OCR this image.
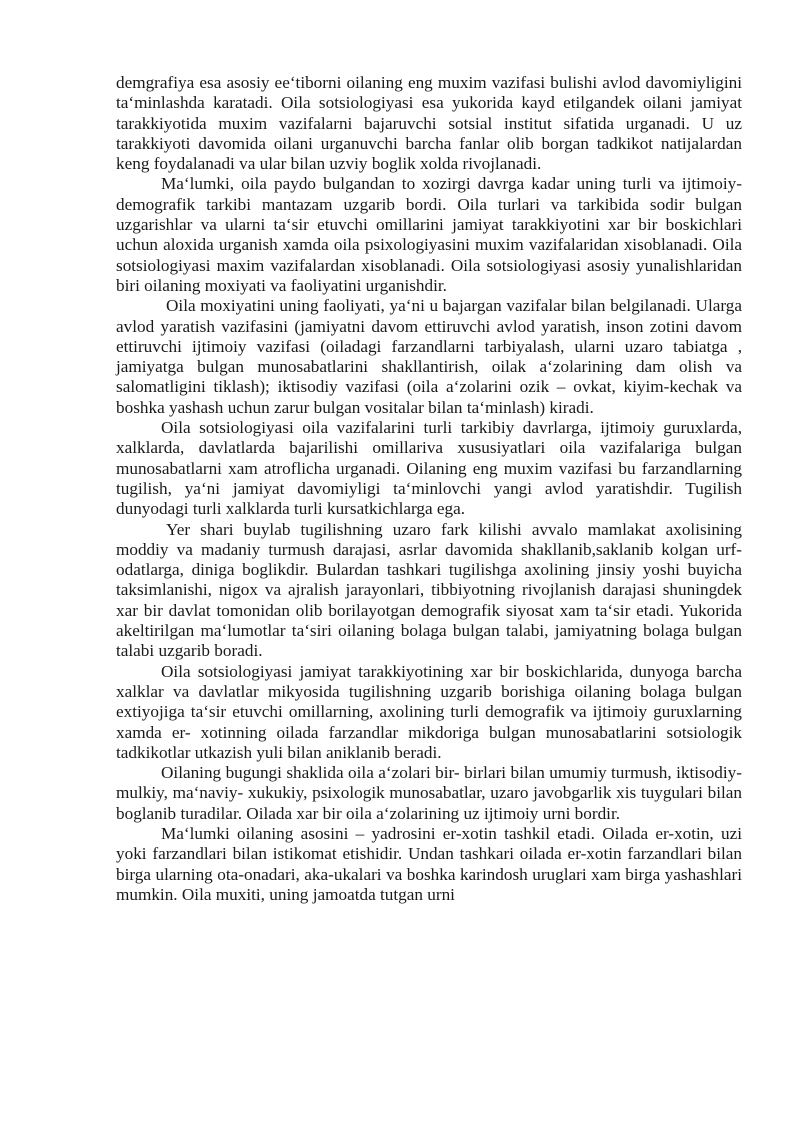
demgrafiya esa asosiy ee‘tiborni oilaning eng muxim vazifasi bulishi avlod davomiyligini ta‘minlashda karatadi. Oila sotsiologiyasi esa yukorida kayd etilgandek oilani jamiyat tarakkiyotida muxim vazifalarni bajaruvchi sotsial institut sifatida urganadi. U uz tarakkiyoti davomida oilani urganuvchi barcha fanlar olib borgan tadkikot natijalardan keng foydalanadi va ular bilan uzviy boglik xolda rivojlanadi.

Ma‘lumki, oila paydo bulgandan to xozirgi davrga kadar uning turli va ijtimoiy- demografik tarkibi mantazam uzgarib bordi. Oila turlari va tarkibida sodir bulgan uzgarishlar va ularni ta‘sir etuvchi omillarini jamiyat tarakkiyotini xar bir boskichlari uchun aloxida urganish xamda oila psixologiyasini muxim vazifalaridan xisoblanadi. Oila sotsiologiyasi maxim vazifalardan xisoblanadi. Oila sotsiologiyasi asosiy yunalishlaridan biri oilaning moxiyati va faoliyatini urganishdir.

Oila moxiyatini uning faoliyati, ya‘ni u bajargan vazifalar bilan belgilanadi. Ularga avlod yaratish vazifasini (jamiyatni davom ettiruvchi avlod yaratish, inson zotini davom ettiruvchi ijtimoiy vazifasi (oiladagi farzandlarni tarbiyalash, ularni uzaro tabiatga , jamiyatga bulgan munosabatlarini shakllantirish, oilak a‘zolarining dam olish va salomatligini tiklash); iktisodiy vazifasi (oila a‘zolarini ozik – ovkat, kiyim-kechak va boshka yashash uchun zarur bulgan vositalar bilan ta‘minlash) kiradi.

Oila sotsiologiyasi oila vazifalarini turli tarkibiy davrlarga, ijtimoiy guruxlarda, xalklarda, davlatlarda bajarilishi omillariva xususiyatlari oila vazifalariga bulgan munosabatlarni xam atroflicha urganadi. Oilaning eng muxim vazifasi bu farzandlarning tugilish, ya‘ni jamiyat davomiyligi ta‘minlovchi yangi avlod yaratishdir. Tugilish dunyodagi turli xalklarda turli kursatkichlarga ega.

Yer shari buylab tugilishning uzaro fark kilishi avvalo mamlakat axolisining moddiy va madaniy turmush darajasi, asrlar davomida shakllanib,saklanib kolgan urf- odatlarga, diniga boglikdir. Bulardan tashkari tugilishga axolining jinsiy yoshi buyicha taksimlanishi, nigox va ajralish jarayonlari, tibbiyotning rivojlanish darajasi shuningdek xar bir davlat tomonidan olib borilayotgan demografik siyosat xam ta‘sir etadi. Yukorida akeltirilgan ma‘lumotlar ta‘siri oilaning bolaga bulgan talabi, jamiyatning bolaga bulgan talabi uzgarib boradi.

Oila sotsiologiyasi jamiyat tarakkiyotining xar bir boskichlarida, dunyoga barcha xalklar va davlatlar mikyosida tugilishning uzgarib borishiga oilaning bolaga bulgan extiyojiga ta‘sir etuvchi omillarning, axolining turli demografik va ijtimoiy guruxlarning xamda er- xotinning oilada farzandlar mikdoriga bulgan munosabatlarini sotsiologik tadkikotlar utkazish yuli bilan aniklanib beradi.

Oilaning bugungi shaklida oila a‘zolari bir- birlari bilan umumiy turmush, iktisodiy- mulkiy, ma‘naviy- xukukiy, psixologik munosabatlar, uzaro javobgarlik xis tuygulari bilan boglanib turadilar. Oilada xar bir oila a‘zolarining uz ijtimoiy urni bordir.

Ma‘lumki oilaning asosini – yadrosini er-xotin tashkil etadi. Oilada er-xotin, uzi yoki farzandlari bilan istikomat etishidir. Undan tashkari oilada er-xotin farzandlari bilan birga ularning ota-onadari, aka-ukalari va boshka karindosh uruglari xam birga yashashlari mumkin. Oila muxiti, uning jamoatda tutgan urni
